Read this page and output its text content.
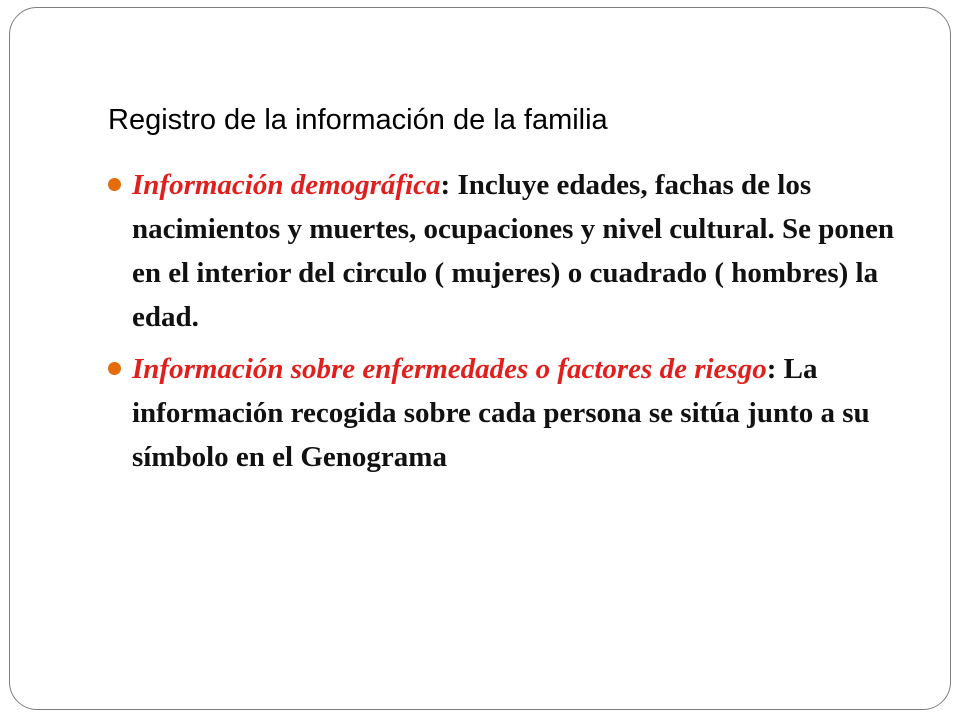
Registro de la información de la familia
Información demográfica: Incluye edades, fachas de los nacimientos y muertes, ocupaciones y nivel cultural. Se ponen en el interior del circulo ( mujeres) o cuadrado ( hombres) la edad.
Información sobre enfermedades o factores de riesgo: La información recogida sobre cada persona se sitúa junto a su símbolo en el Genograma
